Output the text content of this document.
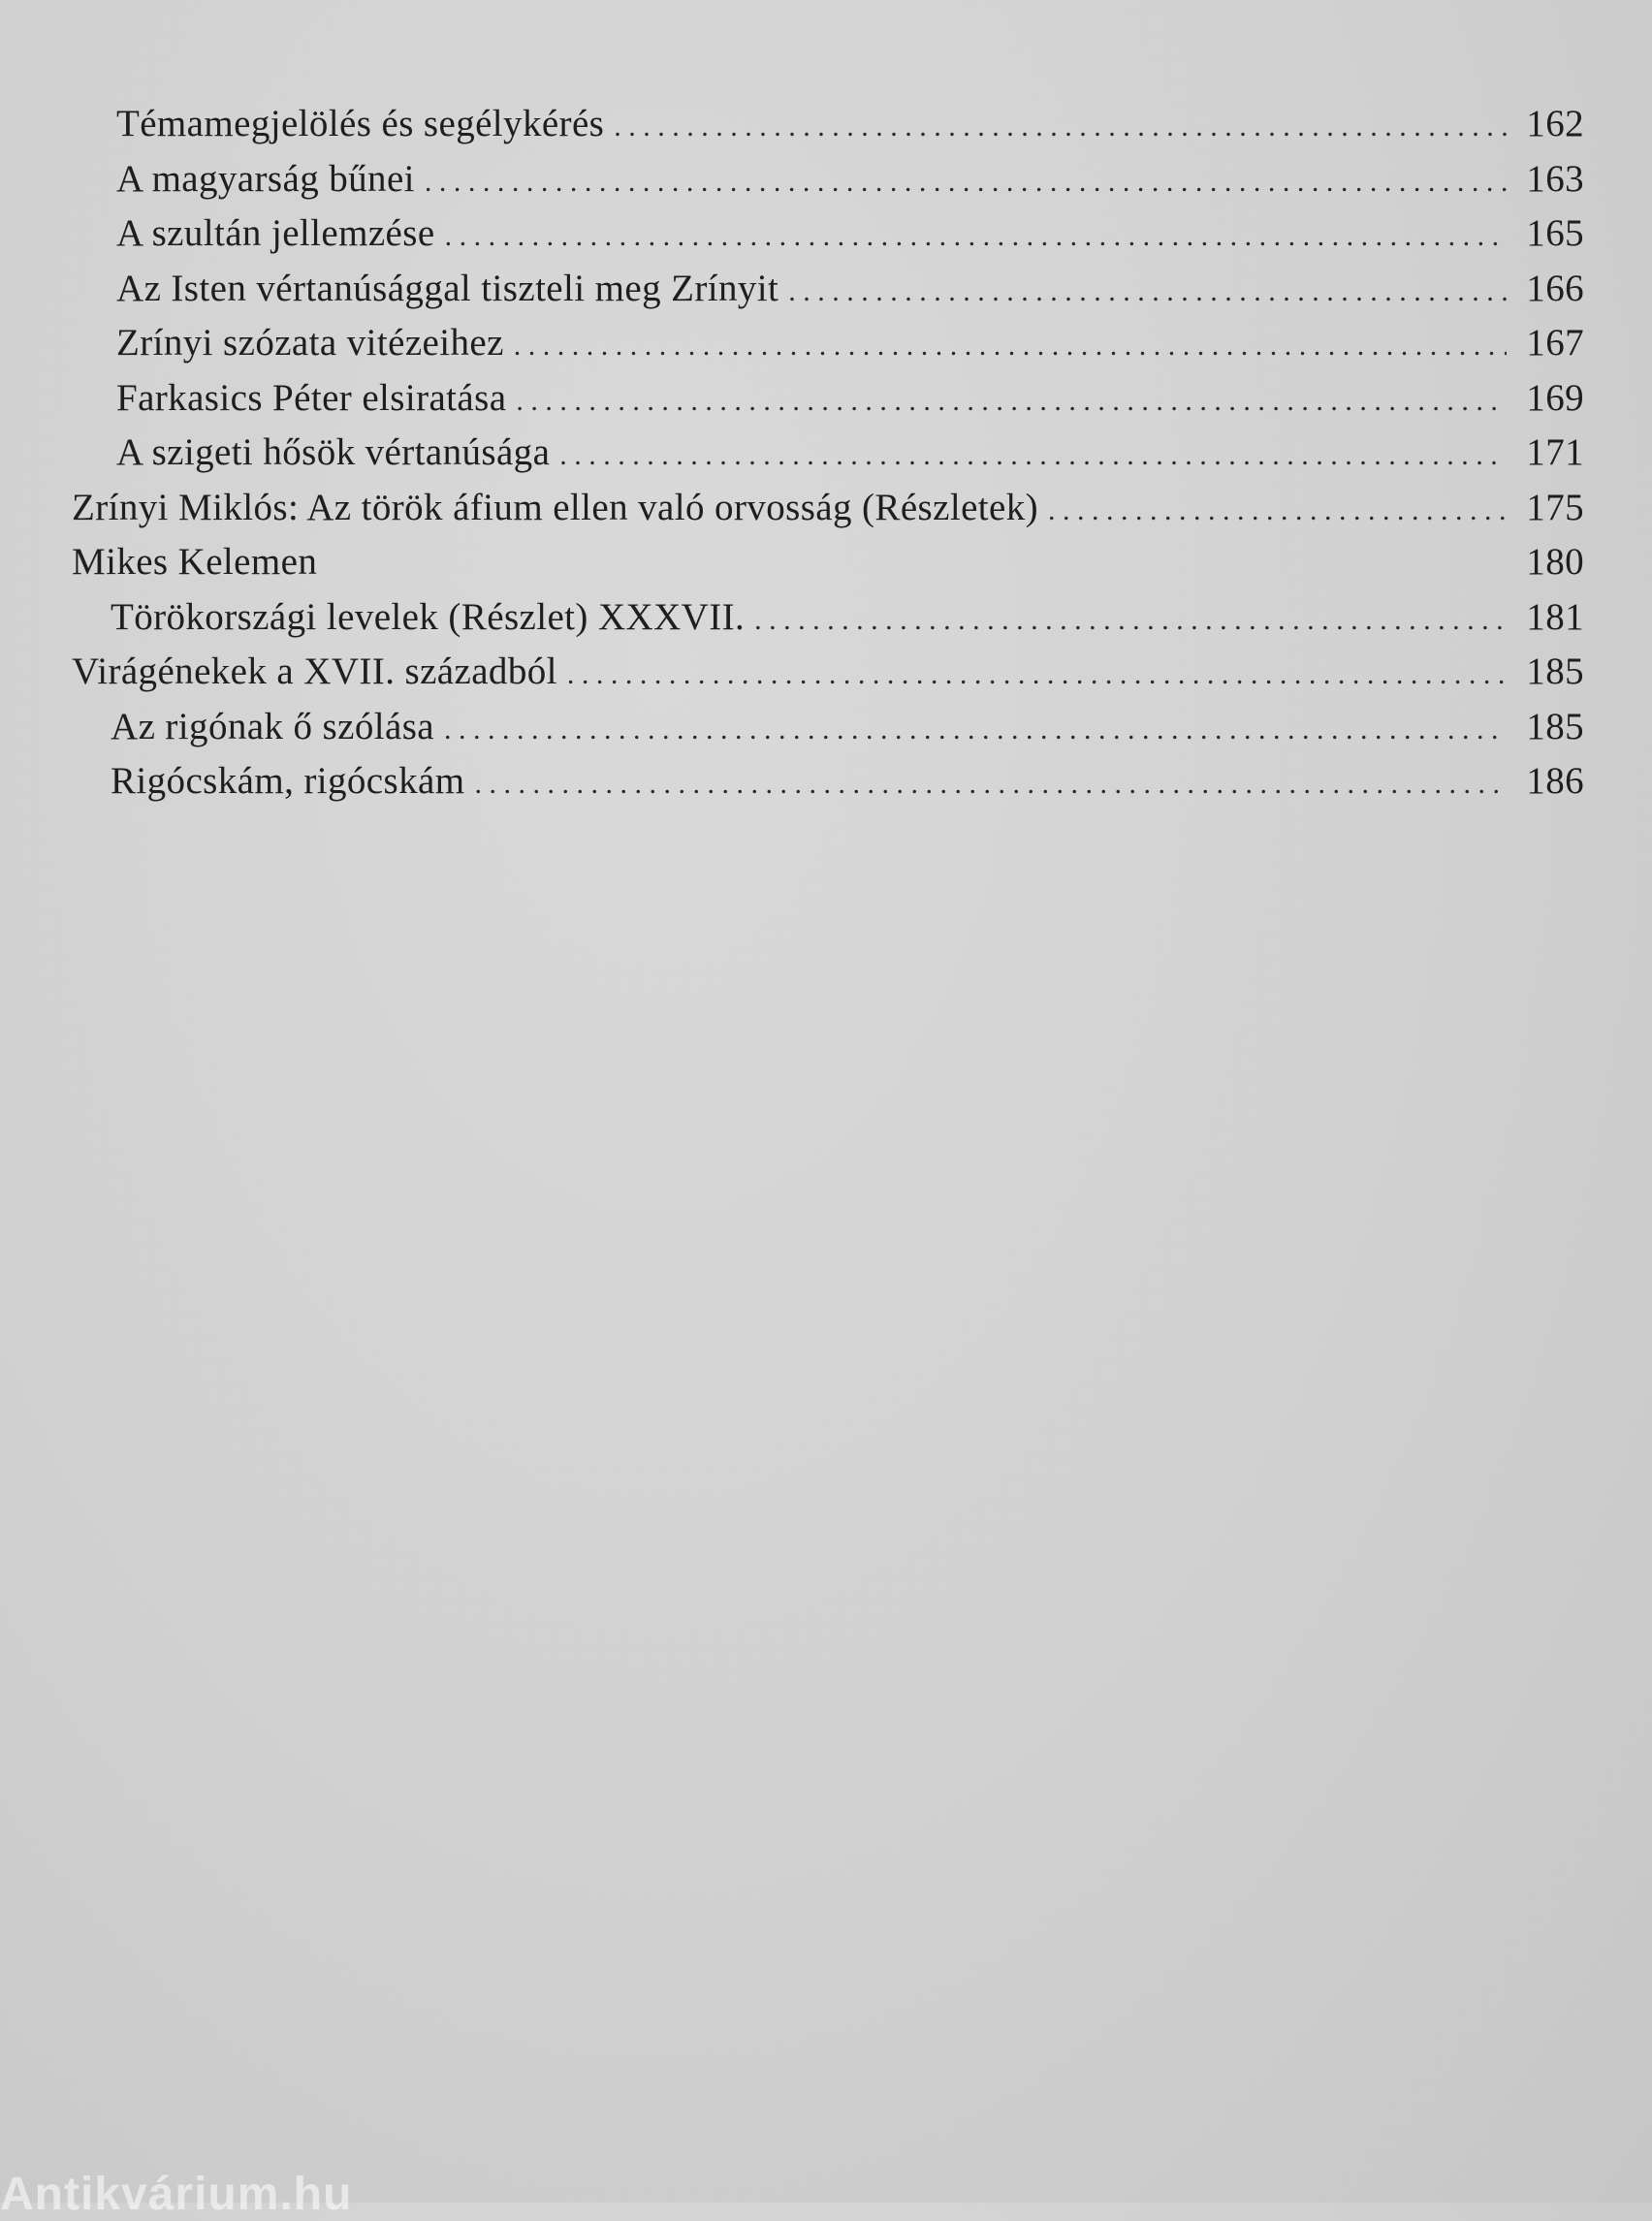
Témamegjelölés és segélykérés . . .	162
A magyarság bűnei . . .	163
A szultán jellemzése . . .	165
Az Isten vértanúsággal tiszteli meg Zrínyit . . .	166
Zrínyi szózata vitézeihez . . .	167
Farkasics Péter elsiratása . . .	169
A szigeti hősök vértanúsága . . .	171
Zrínyi Miklós: Az török áfium ellen való orvosság (Részletek) . . .	175
Mikes Kelemen	180
Törökországi levelek (Részlet) XXXVII. . . .	181
Virágénekek a XVII. századból . . .	185
Az rigónak ő szólása . . .	185
Rigócskám, rigócskám . . .	186
Antikvárium.hu
